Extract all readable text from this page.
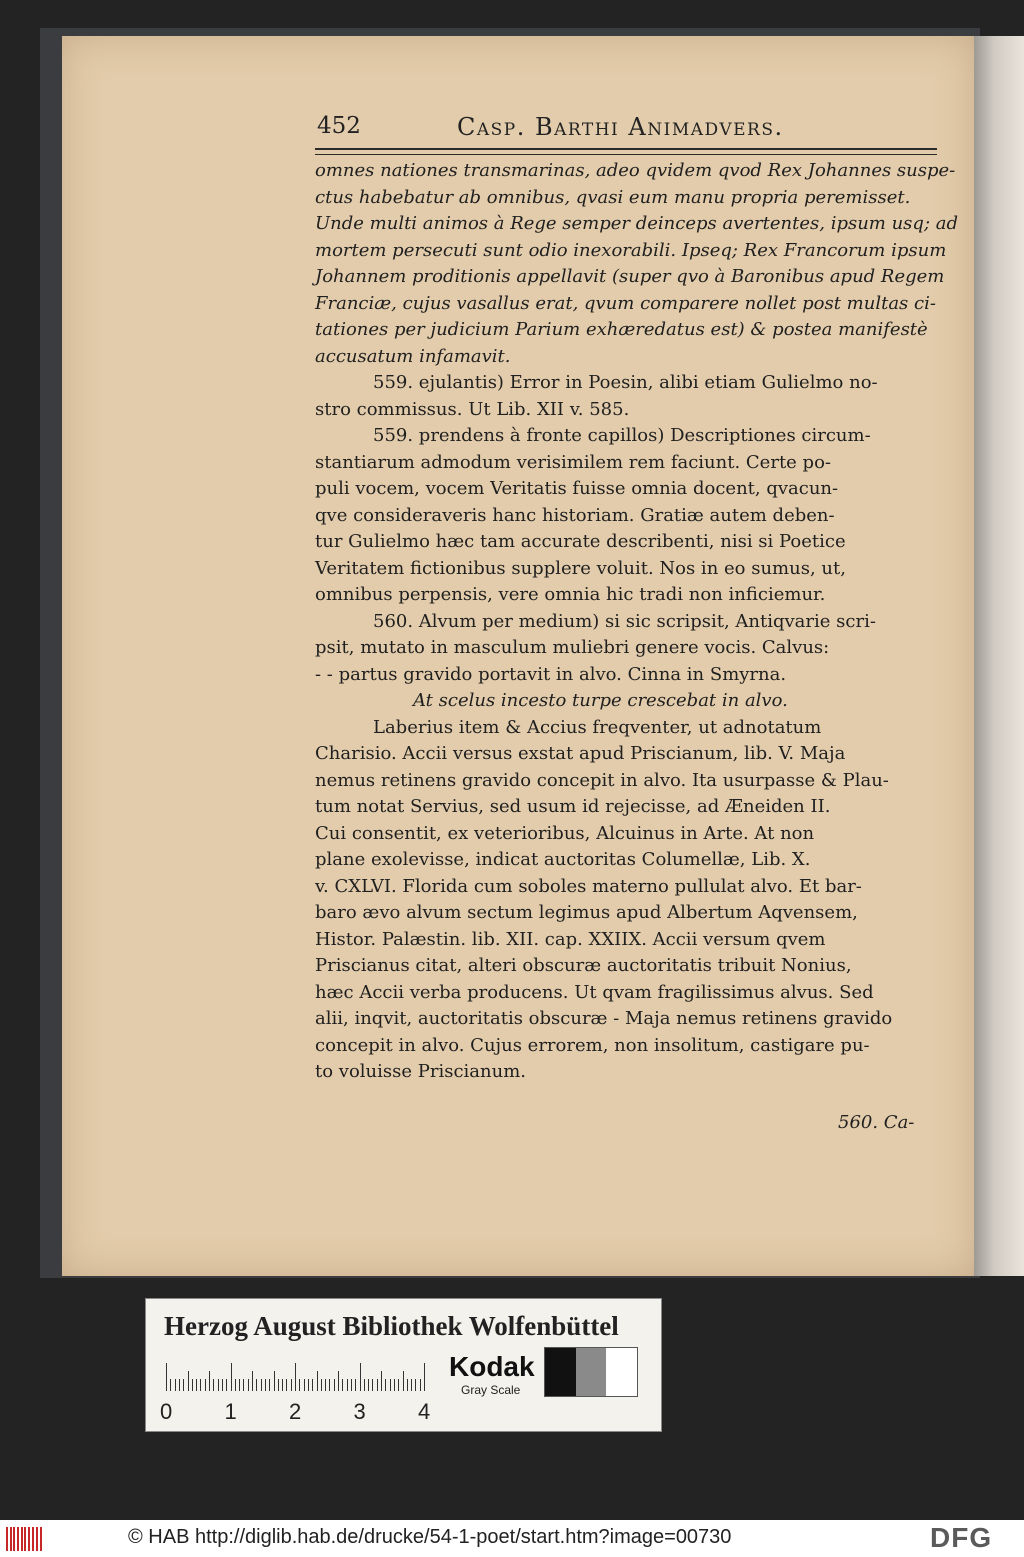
452	Casp. Barthi Animadvers.
omnes nationes transmarinas, adeo qvidem qvod Rex Johannes suspe-
ctus habebatur ab omnibus, qvasi eum manu propria peremisset.
Unde multi animos à Rege semper deinceps avertentes, ipsum usq; ad
mortem persecuti sunt odio inexorabili. Ipseq; Rex Francorum ipsum
Johannem proditionis appellavit (super qvo à Baronibus apud Regem
Franciæ, cujus vasallus erat, qvum comparere nollet post multas ci-
tationes per judicium Parium exhæredatus est) & postea manifestè
accusatum infamavit.
559. ejulantis) Error in Poesin, alibi etiam Gulielmo no-
stro commissus. Ut Lib. XII v. 585.
559. prendens à fronte capillos) Descriptiones circum-
stantiarum admodum verisimilem rem faciunt. Certe po-
puli vocem, vocem Veritatis fuisse omnia docent, qvacun-
qve consideraveris hanc historiam. Gratiæ autem deben-
tur Gulielmo hæc tam accurate describenti, nisi si Poetice
Veritatem fictionibus supplere voluit. Nos in eo sumus, ut,
omnibus perpensis, vere omnia hic tradi non inficiemur.
560. Alvum per medium) si sic scripsit, Antiqvarie scri-
psit, mutato in masculum muliebri genere vocis. Calvus:
- - partus gravido portavit in alvo. Cinna in Smyrna.
At scelus incesto turpe crescebat in alvo.
Laberius item & Accius freqventer, ut adnotatum
Charisio. Accii versus exstat apud Priscianum, lib. V. Maja
nemus retinens gravido concepit in alvo. Ita usurpasse & Plau-
tum notat Servius, sed usum id rejecisse, ad Æneiden II.
Cui consentit, ex veterioribus, Alcuinus in Arte. At non
plane exolevisse, indicat auctoritas Columellæ, Lib. X.
v. CXLVI. Florida cum soboles materno pullulat alvo. Et bar-
baro ævo alvum sectum legimus apud Albertum Aqvensem,
Histor. Palæstin. lib. XII. cap. XXIIX. Accii versum qvem
Priscianus citat, alteri obscuræ auctoritatis tribuit Nonius,
hæc Accii verba producens. Ut qvam fragilissimus alvus. Sed
alii, inqvit, auctoritatis obscuræ - Maja nemus retinens gravido
concepit in alvo. Cujus errorem, non insolitum, castigare pu-
to voluisse Priscianum.
560. Ca-
Herzog August Bibliothek Wolfenbüttel
0 1 2 3 4
Kodak
Gray Scale
© HAB http://diglib.hab.de/drucke/54-1-poet/start.htm?image=00730	DFG
